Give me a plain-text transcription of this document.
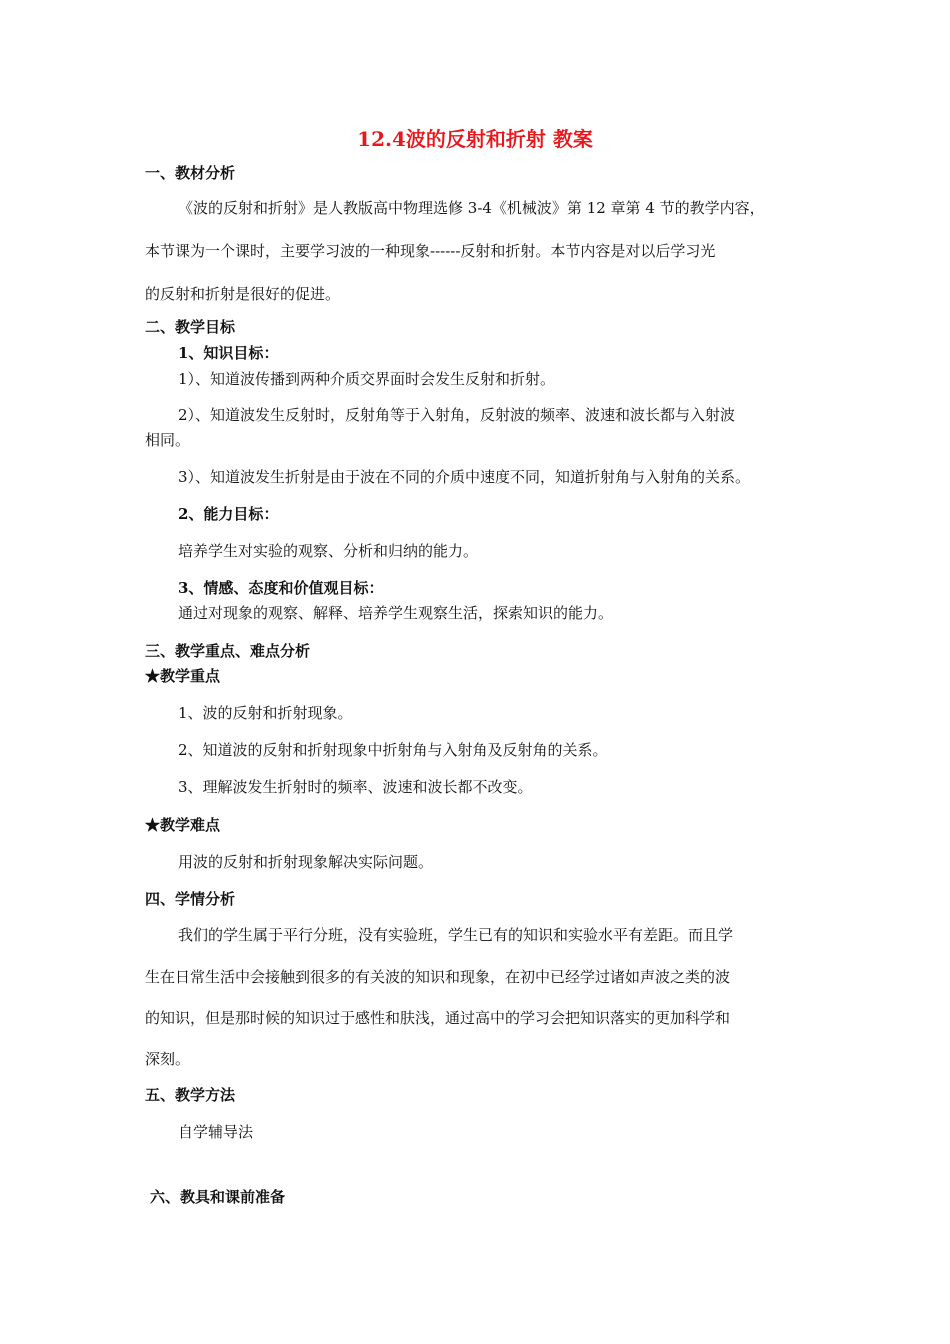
12.4波的反射和折射 教案
一、教材分析
《波的反射和折射》是人教版高中物理选修 3-4《机械波》第 12 章第 4 节的教学内容，
本节课为一个课时，主要学习波的一种现象------反射和折射。本节内容是对以后学习光
的反射和折射是很好的促进。
二、教学目标
1、知识目标：
1）、知道波传播到两种介质交界面时会发生反射和折射。
2）、知道波发生反射时，反射角等于入射角，反射波的频率、波速和波长都与入射波
相同。
3）、知道波发生折射是由于波在不同的介质中速度不同，知道折射角与入射角的关系。
2、能力目标：
培养学生对实验的观察、分析和归纳的能力。
3、情感、态度和价值观目标：
通过对现象的观察、解释、培养学生观察生活，探索知识的能力。
三、教学重点、难点分析
★教学重点
1、波的反射和折射现象。
2、知道波的反射和折射现象中折射角与入射角及反射角的关系。
3、理解波发生折射时的频率、波速和波长都不改变。
★教学难点
用波的反射和折射现象解决实际问题。
四、学情分析
我们的学生属于平行分班，没有实验班，学生已有的知识和实验水平有差距。而且学
生在日常生活中会接触到很多的有关波的知识和现象，在初中已经学过诸如声波之类的波
的知识，但是那时候的知识过于感性和肤浅，通过高中的学习会把知识落实的更加科学和
深刻。
五、教学方法
自学辅导法
六、教具和课前准备
